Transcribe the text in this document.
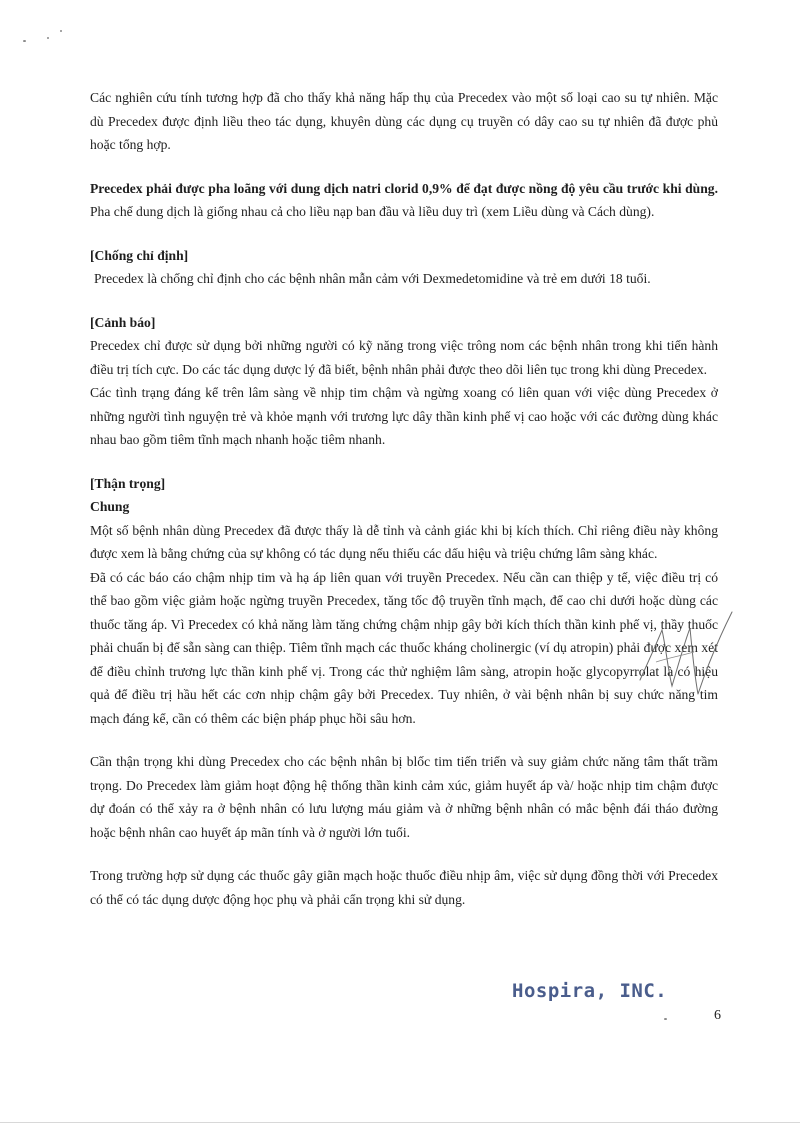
Các nghiên cứu tính tương hợp đã cho thấy khả năng hấp thụ của Precedex vào một số loại cao su tự nhiên. Mặc dù Precedex được định liều theo tác dụng, khuyên dùng các dụng cụ truyền có dây cao su tự nhiên đã được phủ hoặc tổng hợp.

Precedex phải được pha loãng với dung dịch natri clorid 0,9% để đạt được nồng độ yêu cầu trước khi dùng. Pha chế dung dịch là giống nhau cả cho liều nạp ban đầu và liều duy trì (xem Liều dùng và Cách dùng).

[Chống chỉ định]

Precedex là chống chỉ định cho các bệnh nhân mẫn cảm với Dexmedetomidine và trẻ em dưới 18 tuổi.

[Cảnh báo]

Precedex chỉ được sử dụng bởi những người có kỹ năng trong việc trông nom các bệnh nhân trong khi tiến hành điều trị tích cực. Do các tác dụng dược lý đã biết, bệnh nhân phải được theo dõi liên tục trong khi dùng Precedex.

Các tình trạng đáng kể trên lâm sàng về nhịp tim chậm và ngừng xoang có liên quan với việc dùng Precedex ở những người tình nguyện trẻ và khỏe mạnh với trương lực dây thần kinh phế vị cao hoặc với các đường dùng khác nhau bao gồm tiêm tĩnh mạch nhanh hoặc tiêm nhanh.

[Thận trọng]

Chung

Một số bệnh nhân dùng Precedex đã được thấy là dễ tỉnh và cảnh giác khi bị kích thích. Chỉ riêng điều này không được xem là bằng chứng của sự không có tác dụng nếu thiếu các dấu hiệu và triệu chứng lâm sàng khác.

Đã có các báo cáo chậm nhịp tim và hạ áp liên quan với truyền Precedex. Nếu cần can thiệp y tế, việc điều trị có thể bao gồm việc giảm hoặc ngừng truyền Precedex, tăng tốc độ truyền tĩnh mạch, để cao chi dưới hoặc dùng các thuốc tăng áp. Vì Precedex có khả năng làm tăng chứng chậm nhịp gây bởi kích thích thần kinh phế vị, thầy thuốc phải chuẩn bị để sẵn sàng can thiệp. Tiêm tĩnh mạch các thuốc kháng cholinergic (ví dụ atropin) phải được xem xét để điều chỉnh trương lực thần kinh phế vị. Trong các thử nghiệm lâm sàng, atropin hoặc glycopyrrolat là có hiệu quả để điều trị hầu hết các cơn nhịp chậm gây bởi Precedex. Tuy nhiên, ở vài bệnh nhân bị suy chức năng tim mạch đáng kể, cần có thêm các biện pháp phục hồi sâu hơn.

Cần thận trọng khi dùng Precedex cho các bệnh nhân bị blốc tim tiến triển và suy giảm chức năng tâm thất trầm trọng. Do Precedex làm giảm hoạt động hệ thống thần kinh cảm xúc, giảm huyết áp và/ hoặc nhịp tim chậm được dự đoán có thể xảy ra ở bệnh nhân có lưu lượng máu giảm và ở những bệnh nhân có mắc bệnh đái tháo đường hoặc bệnh nhân cao huyết áp mãn tính và ở người lớn tuổi.

Trong trường hợp sử dụng các thuốc gây giãn mạch hoặc thuốc điều nhịp âm, việc sử dụng đồng thời với Precedex có thể có tác dụng dược động học phụ và phải cẩn trọng khi sử dụng.

Hospira, INC.
6
